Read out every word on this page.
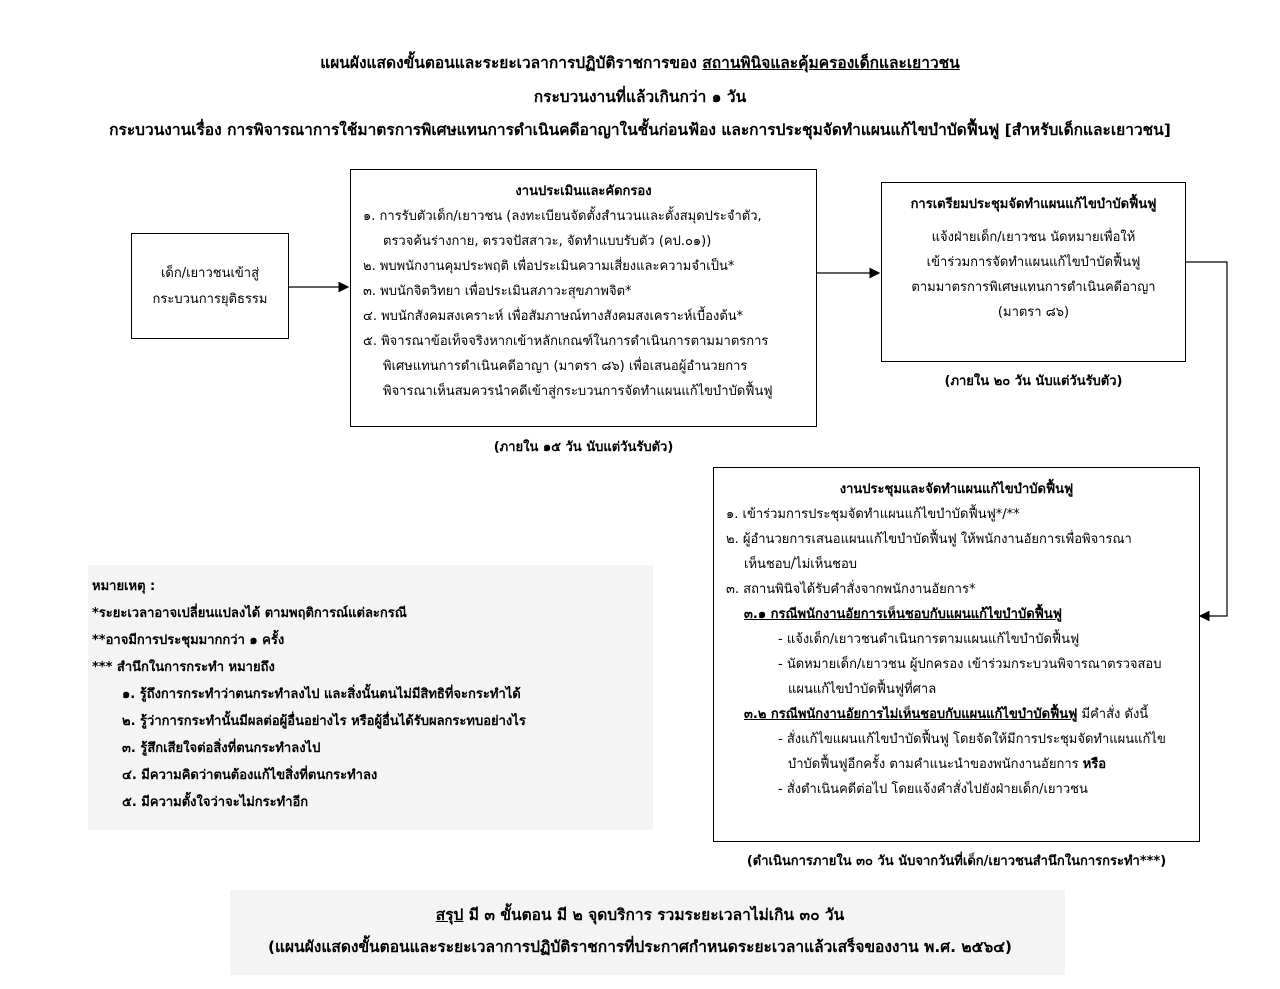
แผนผังแสดงขั้นตอนและระยะเวลาการปฏิบัติราชการของ สถานพินิจและคุ้มครองเด็กและเยาวชน
กระบวนงานที่แล้วเกินกว่า ๑ วัน
กระบวนงานเรื่อง การพิจารณาการใช้มาตรการพิเศษแทนการดำเนินคดีอาญาในชั้นก่อนฟ้อง และการประชุมจัดทำแผนแก้ไขบำบัดฟื้นฟู [สำหรับเด็กและเยาวชน]
เด็ก/เยาวชนเข้าสู่
กระบวนการยุติธรรม
งานประเมินและคัดกรอง
๑. การรับตัวเด็ก/เยาวชน (ลงทะเบียนจัดตั้งสำนวนและตั้งสมุดประจำตัว,
ตรวจค้นร่างกาย, ตรวจปัสสาวะ, จัดทำแบบรับตัว (คป.๐๑))
๒. พบพนักงานคุมประพฤติ เพื่อประเมินความเสี่ยงและความจำเป็น*
๓. พบนักจิตวิทยา เพื่อประเมินสภาวะสุขภาพจิต*
๔. พบนักสังคมสงเคราะห์ เพื่อสัมภาษณ์ทางสังคมสงเคราะห์เบื้องต้น*
๕. พิจารณาข้อเท็จจริงหากเข้าหลักเกณฑ์ในการดำเนินการตามมาตรการ
พิเศษแทนการดำเนินคดีอาญา (มาตรา ๘๖) เพื่อเสนอผู้อำนวยการ
พิจารณาเห็นสมควรนำคดีเข้าสู่กระบวนการจัดทำแผนแก้ไขบำบัดฟื้นฟู
(ภายใน ๑๕ วัน นับแต่วันรับตัว)
การเตรียมประชุมจัดทำแผนแก้ไขบำบัดฟื้นฟู
แจ้งฝ่ายเด็ก/เยาวชน นัดหมายเพื่อให้
เข้าร่วมการจัดทำแผนแก้ไขบำบัดฟื้นฟู
ตามมาตรการพิเศษแทนการดำเนินคดีอาญา
(มาตรา ๘๖)
(ภายใน ๒๐ วัน นับแต่วันรับตัว)
งานประชุมและจัดทำแผนแก้ไขบำบัดฟื้นฟู
๑. เข้าร่วมการประชุมจัดทำแผนแก้ไขบำบัดฟื้นฟู*/**
๒. ผู้อำนวยการเสนอแผนแก้ไขบำบัดฟื้นฟู ให้พนักงานอัยการเพื่อพิจารณา
เห็นชอบ/ไม่เห็นชอบ
๓. สถานพินิจได้รับคำสั่งจากพนักงานอัยการ*
๓.๑ กรณีพนักงานอัยการเห็นชอบกับแผนแก้ไขบำบัดฟื้นฟู
- แจ้งเด็ก/เยาวชนดำเนินการตามแผนแก้ไขบำบัดฟื้นฟู
- นัดหมายเด็ก/เยาวชน ผู้ปกครอง เข้าร่วมกระบวนพิจารณาตรวจสอบ
แผนแก้ไขบำบัดฟื้นฟูที่ศาล
๓.๒ กรณีพนักงานอัยการไม่เห็นชอบกับแผนแก้ไขบำบัดฟื้นฟู มีคำสั่ง ดังนี้
- สั่งแก้ไขแผนแก้ไขบำบัดฟื้นฟู โดยจัดให้มีการประชุมจัดทำแผนแก้ไข
บำบัดฟื้นฟูอีกครั้ง ตามคำแนะนำของพนักงานอัยการ หรือ
- สั่งดำเนินคดีต่อไป โดยแจ้งคำสั่งไปยังฝ่ายเด็ก/เยาวชน
(ดำเนินการภายใน ๓๐ วัน นับจากวันที่เด็ก/เยาวชนสำนึกในการกระทำ***)
หมายเหตุ :
*ระยะเวลาอาจเปลี่ยนแปลงได้ ตามพฤติการณ์แต่ละกรณี
**อาจมีการประชุมมากกว่า ๑ ครั้ง
*** สำนึกในการกระทำ หมายถึง
๑. รู้ถึงการกระทำว่าตนกระทำลงไป และสิ่งนั้นตนไม่มีสิทธิที่จะกระทำได้
๒. รู้ว่าการกระทำนั้นมีผลต่อผู้อื่นอย่างไร หรือผู้อื่นได้รับผลกระทบอย่างไร
๓. รู้สึกเสียใจต่อสิ่งที่ตนกระทำลงไป
๔. มีความคิดว่าตนต้องแก้ไขสิ่งที่ตนกระทำลง
๕. มีความตั้งใจว่าจะไม่กระทำอีก
สรุป มี ๓ ขั้นตอน มี ๒ จุดบริการ รวมระยะเวลาไม่เกิน ๓๐ วัน
(แผนผังแสดงขั้นตอนและระยะเวลาการปฏิบัติราชการที่ประกาศกำหนดระยะเวลาแล้วเสร็จของงาน พ.ศ. ๒๕๖๔)
